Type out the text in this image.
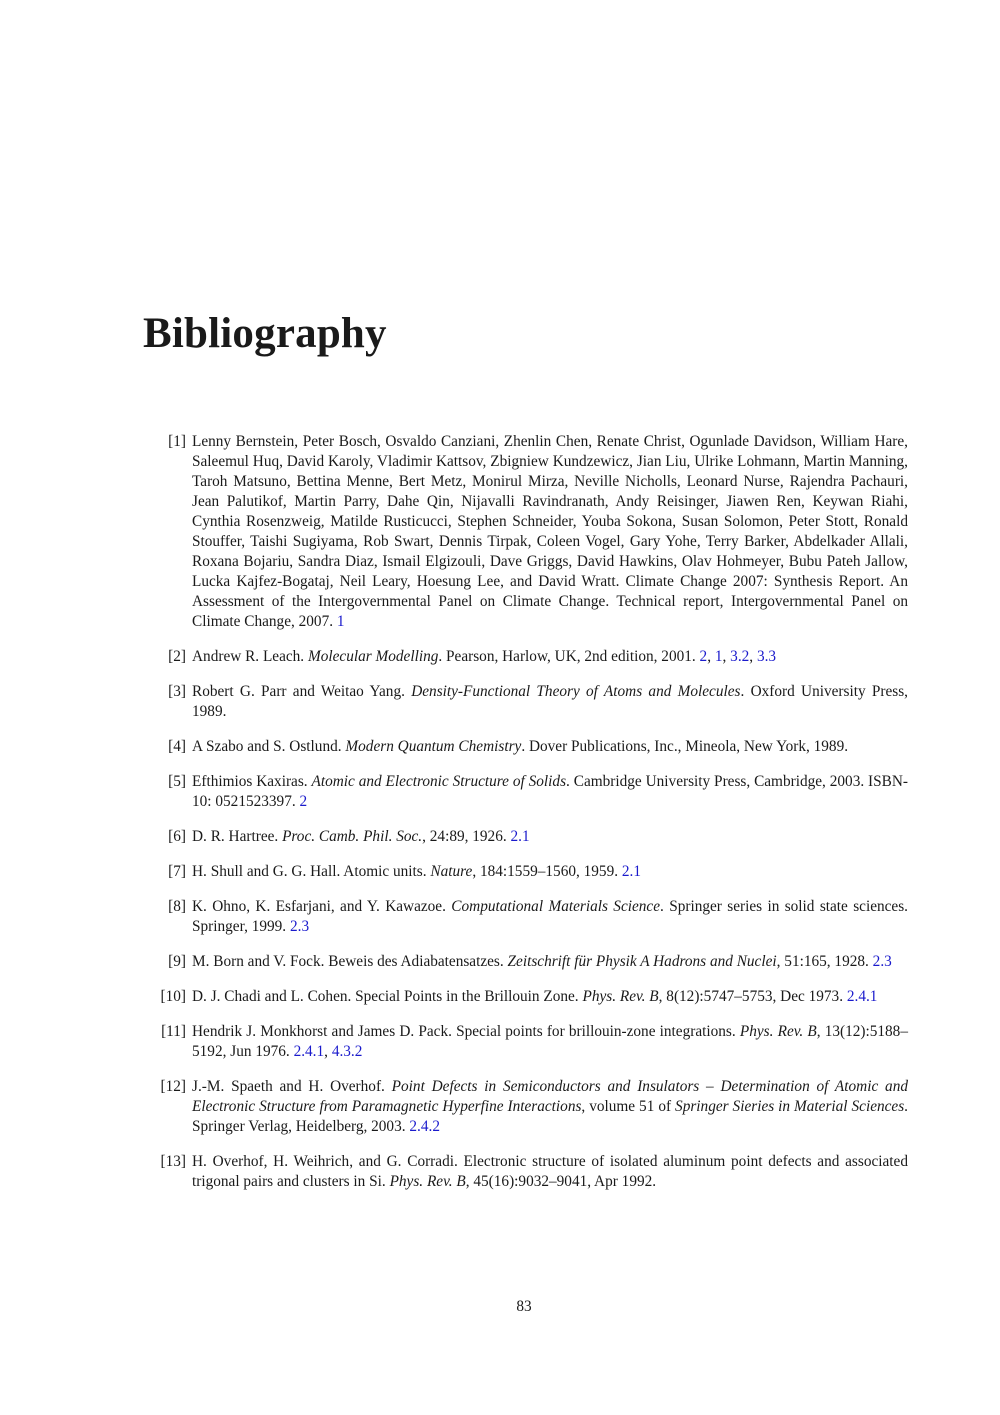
Bibliography
[1] Lenny Bernstein, Peter Bosch, Osvaldo Canziani, Zhenlin Chen, Renate Christ, Ogunlade Davidson, William Hare, Saleemul Huq, David Karoly, Vladimir Kattsov, Zbigniew Kundzewicz, Jian Liu, Ulrike Lohmann, Martin Manning, Taroh Matsuno, Bettina Menne, Bert Metz, Monirul Mirza, Neville Nicholls, Leonard Nurse, Rajendra Pachauri, Jean Palutikof, Martin Parry, Dahe Qin, Nijavalli Ravindranath, Andy Reisinger, Jiawen Ren, Keywan Riahi, Cynthia Rosenzweig, Matilde Rusticucci, Stephen Schneider, Youba Sokona, Susan Solomon, Peter Stott, Ronald Stouffer, Taishi Sugiyama, Rob Swart, Dennis Tirpak, Coleen Vogel, Gary Yohe, Terry Barker, Abdelkader Allali, Roxana Bojariu, Sandra Diaz, Ismail Elgizouli, Dave Griggs, David Hawkins, Olav Hohmeyer, Bubu Pateh Jallow, Lucka Kajfez-Bogataj, Neil Leary, Hoesung Lee, and David Wratt. Climate Change 2007: Synthesis Report. An Assessment of the Intergovernmental Panel on Climate Change. Technical report, Intergovernmental Panel on Climate Change, 2007. 1
[2] Andrew R. Leach. Molecular Modelling. Pearson, Harlow, UK, 2nd edition, 2001. 2, 1, 3.2, 3.3
[3] Robert G. Parr and Weitao Yang. Density-Functional Theory of Atoms and Molecules. Oxford University Press, 1989.
[4] A Szabo and S. Ostlund. Modern Quantum Chemistry. Dover Publications, Inc., Mineola, New York, 1989.
[5] Efthimios Kaxiras. Atomic and Electronic Structure of Solids. Cambridge University Press, Cambridge, 2003. ISBN-10: 0521523397. 2
[6] D. R. Hartree. Proc. Camb. Phil. Soc., 24:89, 1926. 2.1
[7] H. Shull and G. G. Hall. Atomic units. Nature, 184:1559–1560, 1959. 2.1
[8] K. Ohno, K. Esfarjani, and Y. Kawazoe. Computational Materials Science. Springer series in solid state sciences. Springer, 1999. 2.3
[9] M. Born and V. Fock. Beweis des Adiabatensatzes. Zeitschrift für Physik A Hadrons and Nuclei, 51:165, 1928. 2.3
[10] D. J. Chadi and L. Cohen. Special Points in the Brillouin Zone. Phys. Rev. B, 8(12):5747–5753, Dec 1973. 2.4.1
[11] Hendrik J. Monkhorst and James D. Pack. Special points for brillouin-zone integrations. Phys. Rev. B, 13(12):5188–5192, Jun 1976. 2.4.1, 4.3.2
[12] J.-M. Spaeth and H. Overhof. Point Defects in Semiconductors and Insulators – Determination of Atomic and Electronic Structure from Paramagnetic Hyperfine Interactions, volume 51 of Springer Sieries in Material Sciences. Springer Verlag, Heidelberg, 2003. 2.4.2
[13] H. Overhof, H. Weihrich, and G. Corradi. Electronic structure of isolated aluminum point defects and associated trigonal pairs and clusters in Si. Phys. Rev. B, 45(16):9032–9041, Apr 1992.
83
